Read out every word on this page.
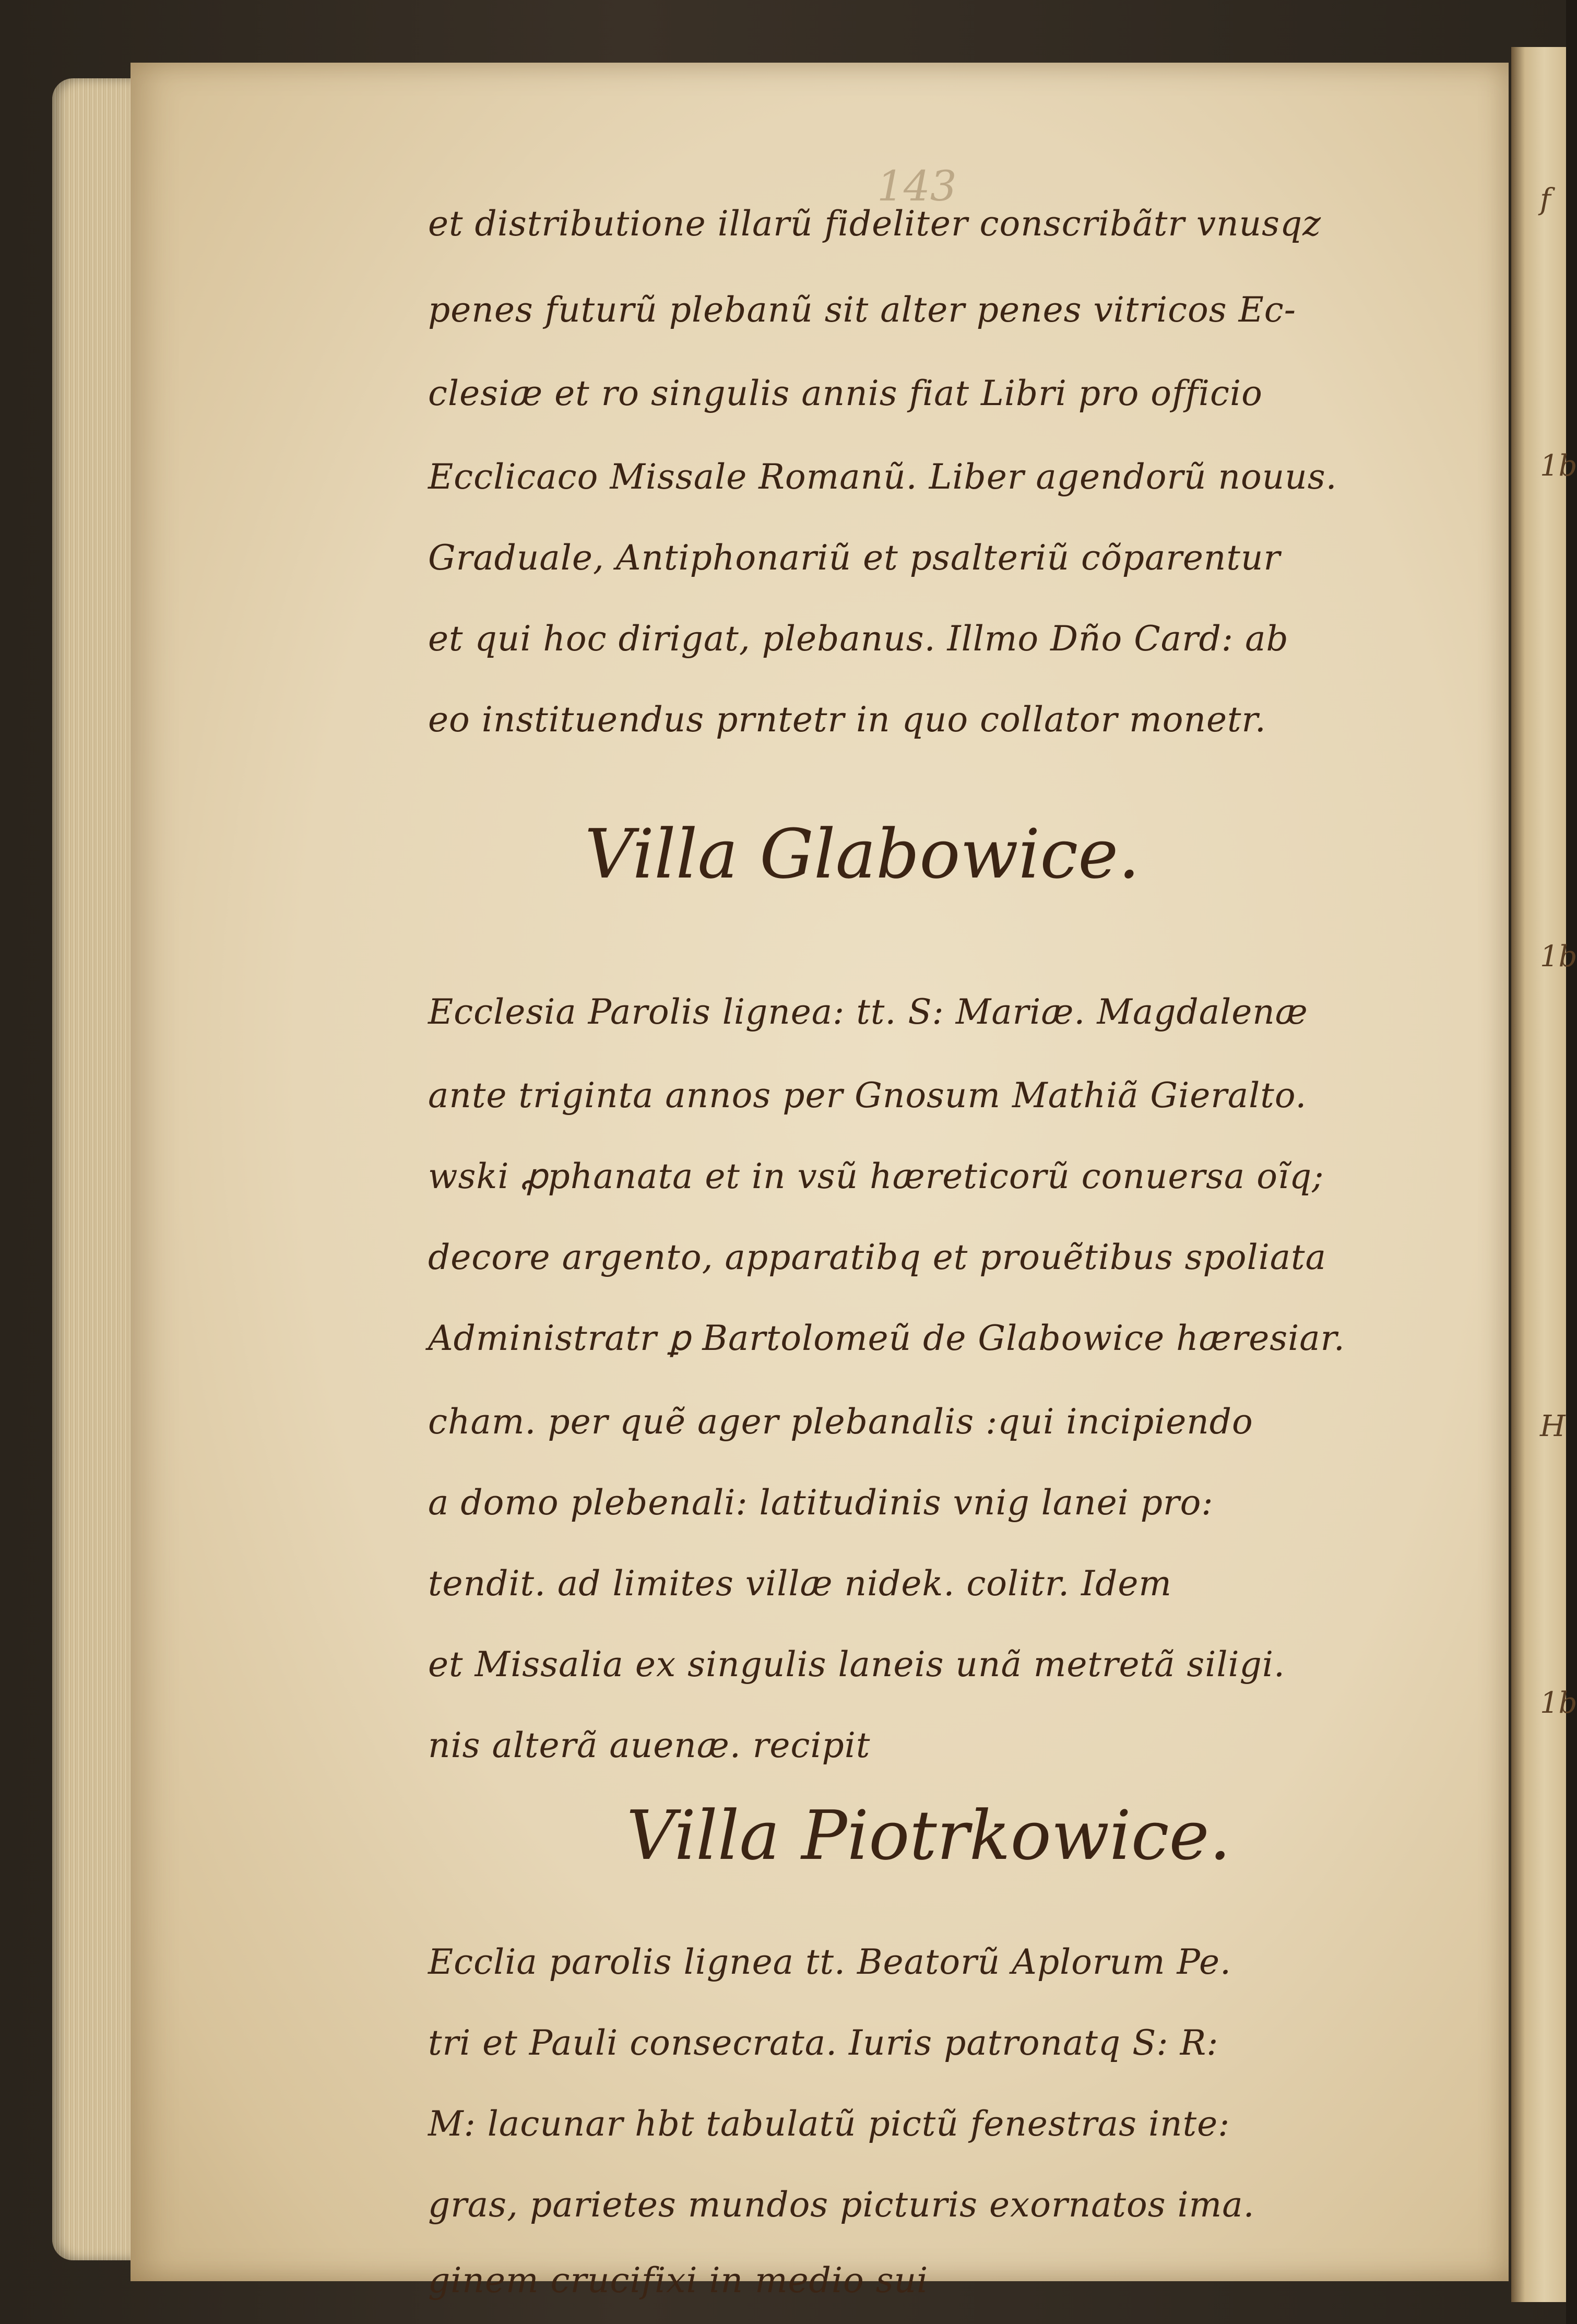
143
et distributione illarũ fideliter conscribãtr vnusqz
penes futurũ plebanũ sit alter penes vitricos Ec-
clesiæ et ro singulis annis fiat Libri pro officio
Ecclicaco Missale Romanũ. Liber agendorũ nouus.
Graduale, Antiphonariũ et psalteriũ cõparentur
et qui hoc dirigat, plebanus. Illmo Dño Card: ab
eo instituendus prntetr in quo collator monetr.
Villa Glabowice.
Ecclesia Parolis lignea: tt. S: Mariæ. Magdalenæ
ante triginta annos per Gnosum Mathiã Gieralto.
wski ꝓphanata et in vsũ hæreticorũ conuersa oĩq;
decore argento, apparatibq et prouẽtibus spoliata
Administratr ꝑ Bartolomeũ de Glabowice hæresiar.
cham. per quẽ ager plebanalis :qui incipiendo
a domo plebenali: latitudinis vnig lanei pro:
tendit. ad limites villæ nidek. colitr. Idem
et Missalia ex singulis laneis unã metretã siligi.
nis alterã auenæ. recipit
Villa Piotrkowice.
Ecclia parolis lignea tt. Beatorũ Aplorum Pe.
tri et Pauli consecrata. Iuris patronatq S: R:
M: lacunar hbt tabulatũ pictũ fenestras inte:
gras, parietes mundos picturis exornatos ima.
ginem crucifixi in medio sui
f
1b
1b
H
1b
